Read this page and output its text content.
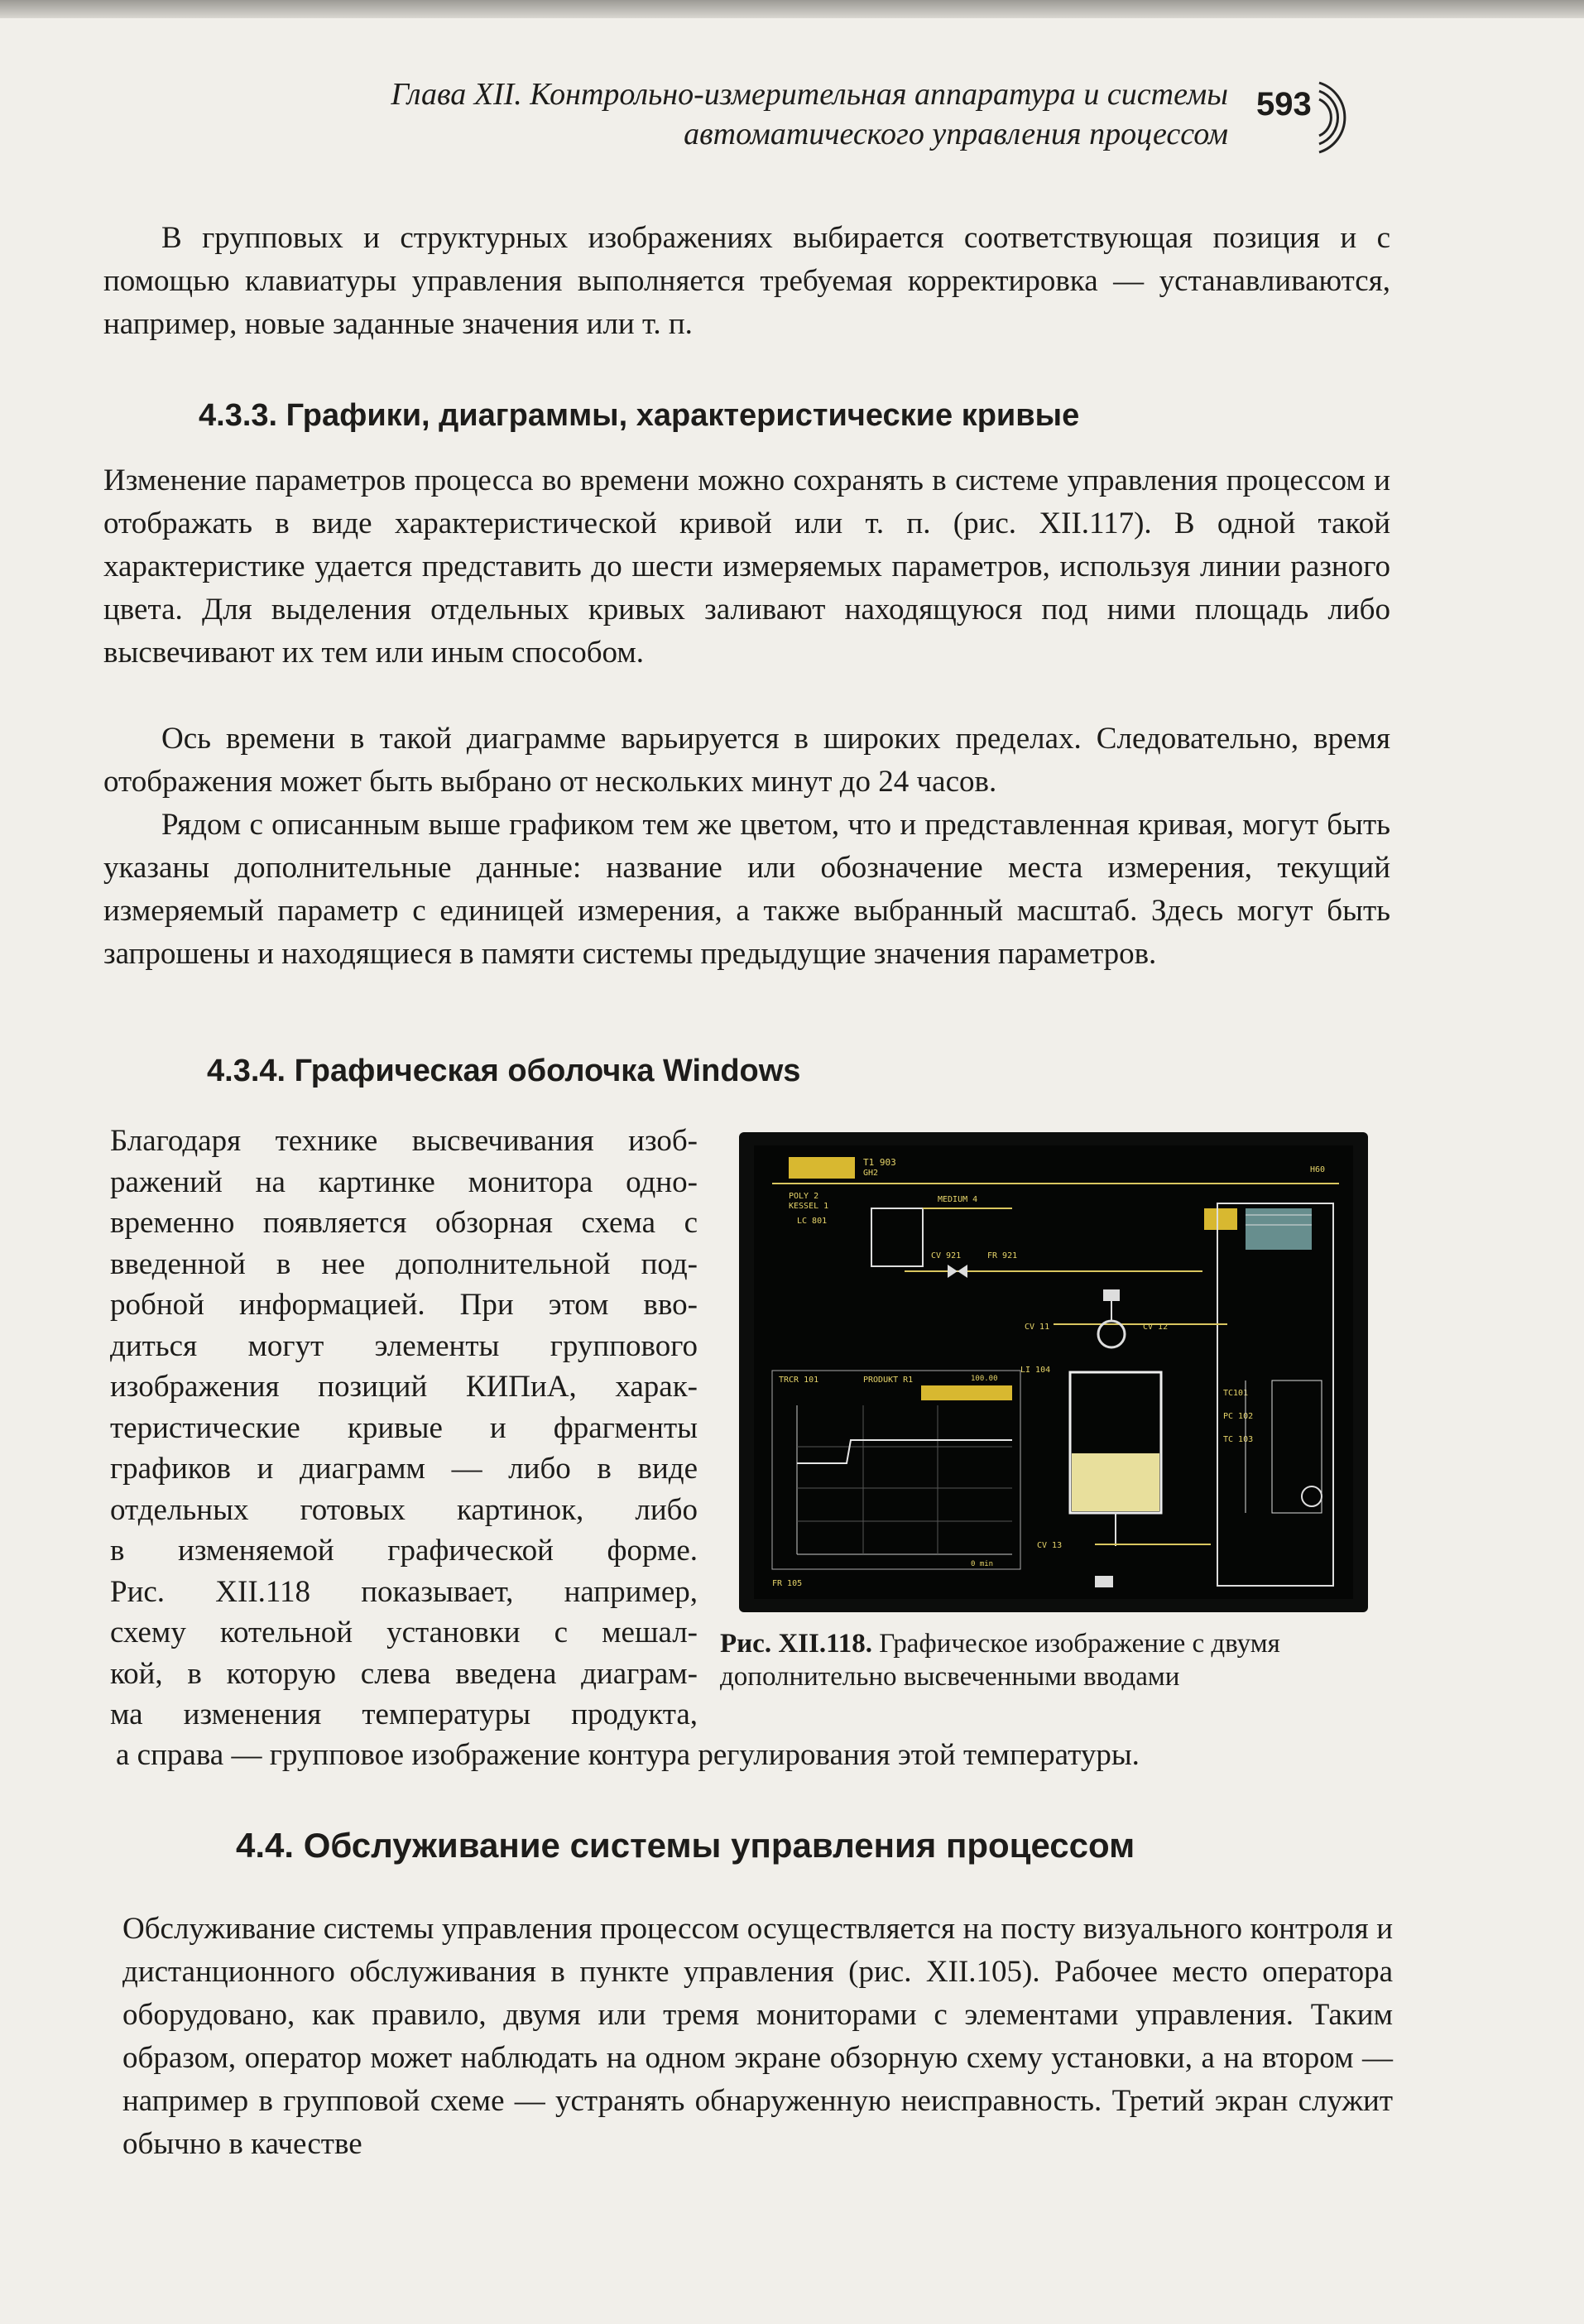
Глава XII. Контрольно-измерительная аппаратура и системы
автоматического управления процессом
593

В групповых и структурных изображениях выбирается соответствующая позиция и с помощью клавиатуры управления выполняется требуемая корректировка — устанавливаются, например, новые заданные значения или т. п.

4.3.3. Графики, диаграммы, характеристические кривые

Изменение параметров процесса во времени можно сохранять в системе управления процессом и отображать в виде характеристической кривой или т. п. (рис. XII.117). В одной такой характеристике удается представить до шести измеряемых параметров, используя линии разного цвета. Для выделения отдельных кривых заливают находящуюся под ними площадь либо высвечивают их тем или иным способом.

Ось времени в такой диаграмме варьируется в широких пределах. Следовательно, время отображения может быть выбрано от нескольких минут до 24 часов.

Рядом с описанным выше графиком тем же цветом, что и представленная кривая, могут быть указаны дополнительные данные: название или обозначение места измерения, текущий измеряемый параметр с единицей измерения, а также выбранный масштаб. Здесь могут быть запрошены и находящиеся в памяти системы предыдущие значения параметров.

4.3.4. Графическая оболочка Windows
Благодаря технике высвечивания изоб-
ражений на картинке монитора одно-
временно появляется обзорная схема с
введенной в нее дополнительной под-
робной информацией. При этом вво-
диться могут элементы группового
изображения позиций КИПиА, харак-
теристические кривые и фрагменты
графиков и диаграмм — либо в виде
отдельных готовых картинок, либо
в изменяемой графической форме.
Рис. XII.118 показывает, например,
схему котельной установки с мешал-
кой, в которую слева введена диаграм-
ма изменения температуры продукта,
а справа — групповое изображение контура регулирования этой температуры.
T1 903
GH2	H60
POLY 2
KESSEL 1
LC 801
MEDIUM 4
CV 921	FR 921
CV 11	CV 12
LI 104
CV 13
TC101
PC 102
TC 103
TRCR 101	PRODUKT R1	100.00
0 min
FR 105

Рис. XII.118. Графическое изображение с двумя дополнительно высвеченными вводами

4.4. Обслуживание системы управления процессом

Обслуживание системы управления процессом осуществляется на посту визуального контроля и дистанционного обслуживания в пункте управления (рис. XII.105). Рабочее место оператора оборудовано, как правило, двумя или тремя мониторами с элементами управления. Таким образом, оператор может наблюдать на одном экране обзорную схему установки, а на втором — например в групповой схеме — устранять обнаруженную неисправность. Третий экран служит обычно в качестве
